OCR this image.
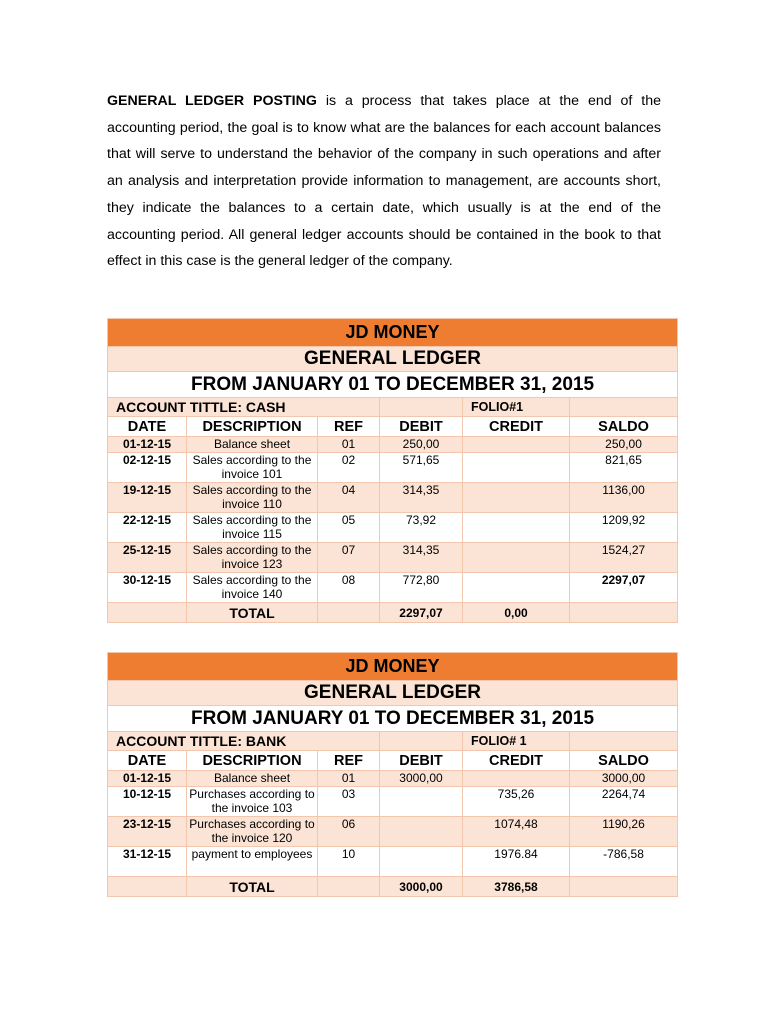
GENERAL LEDGER POSTING is a process that takes place at the end of the accounting period, the goal is to know what are the balances for each account balances that will serve to understand the behavior of the company in such operations and after an analysis and interpretation provide information to management, are accounts short, they indicate the balances to a certain date, which usually is at the end of the accounting period. All general ledger accounts should be contained in the book to that effect in this case is the general ledger of the company.

JD MONEY					
GENERAL LEDGER					
FROM JANUARY 01 TO DECEMBER 31, 2015					
ACCOUNT TITTLE: CASH				FOLIO#1	
DATE	DESCRIPTION	REF	DEBIT	CREDIT	SALDO
01-12-15	Balance sheet	01	250,00		250,00
02-12-15	Sales according to the invoice 101	02	571,65		821,65
19-12-15	Sales according to the invoice 110	04	314,35		1136,00
22-12-15	Sales according to the invoice 115	05	73,92		1209,92
25-12-15	Sales according to the invoice 123	07	314,35		1524,27
30-12-15	Sales according to the invoice 140	08	772,80		2297,07
	TOTAL		2297,07	0,00	
JD MONEY					
GENERAL LEDGER					
FROM JANUARY 01 TO DECEMBER 31, 2015					
ACCOUNT TITTLE: BANK				FOLIO# 1	
DATE	DESCRIPTION	REF	DEBIT	CREDIT	SALDO
01-12-15	Balance sheet	01	3000,00		3000,00
10-12-15	Purchases according to the invoice 103	03		735,26	2264,74
23-12-15	Purchases according to the invoice 120	06		1074,48	1190,26
31-12-15	payment to employees	10		1976.84	-786,58
	TOTAL		3000,00	3786,58	
